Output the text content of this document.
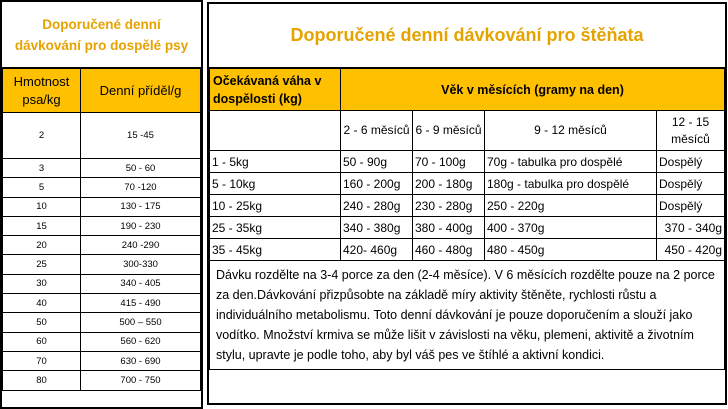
Doporučené denní dávkování pro dospělé psy
Hmotnost psa/kg	Denní příděl/g
2	15 -45
3	50 - 60
5	70 -120
10	130 - 175
15	190 - 230
20	240 -290
25	300-330
30	340 - 405
40	415 - 490
50	500 – 550
60	560 - 620
70	630 - 690
80	700 - 750
Doporučené denní dávkování pro štěňata
Očekávaná váha v dospělosti (kg)	Věk v měsících (gramy na den)			
	2 - 6 měsíců	6 - 9 měsíců	9 - 12 měsíců	12 - 15 měsíců
1 - 5kg	50 - 90g	70 - 100g	70g - tabulka pro dospělé	Dospělý
5 - 10kg	160 - 200g	200 - 180g	180g - tabulka pro dospělé	Dospělý
10 - 25kg	240 - 280g	230 - 280g	250 - 220g	Dospělý
25 - 35kg	340 - 380g	380 - 400g	400 - 370g	370 - 340g
35 - 45kg	420- 460g	460 - 480g	480 - 450g	450 - 420g
Dávku rozdělte na 3-4 porce za den (2-4 měsíce). V 6 měsících rozdělte pouze na 2 porce za den.Dávkování přizpůsobte na základě míry aktivity štěněte, rychlosti růstu a individuálního metabolismu. Toto denní dávkování je pouze doporučením a slouží jako vodítko. Množství krmiva se může lišit v závislosti na věku, plemeni, aktivitě a životním stylu, upravte je podle toho, aby byl váš pes ve štíhlé a aktivní kondici.				
